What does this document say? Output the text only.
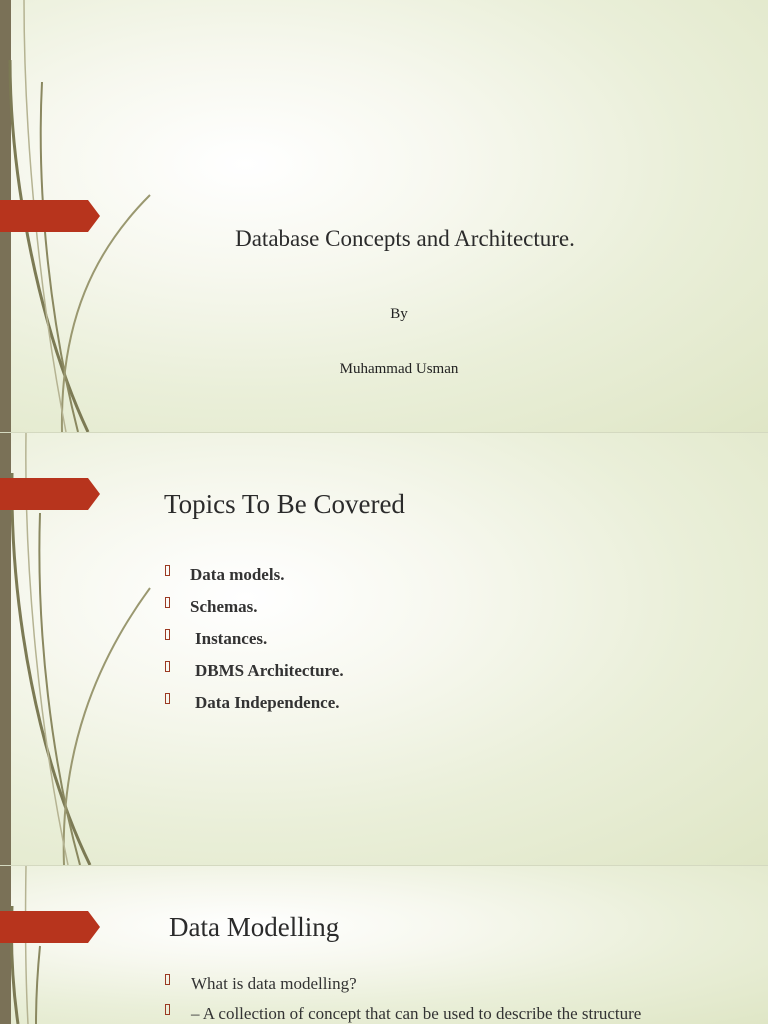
Database Concepts and Architecture.
By
Muhammad Usman
Topics To Be Covered
Data models.
Schemas.
Instances.
DBMS Architecture.
Data Independence.
Data Modelling
What is data modelling?
– A collection of concept that can be used to describe the structure
